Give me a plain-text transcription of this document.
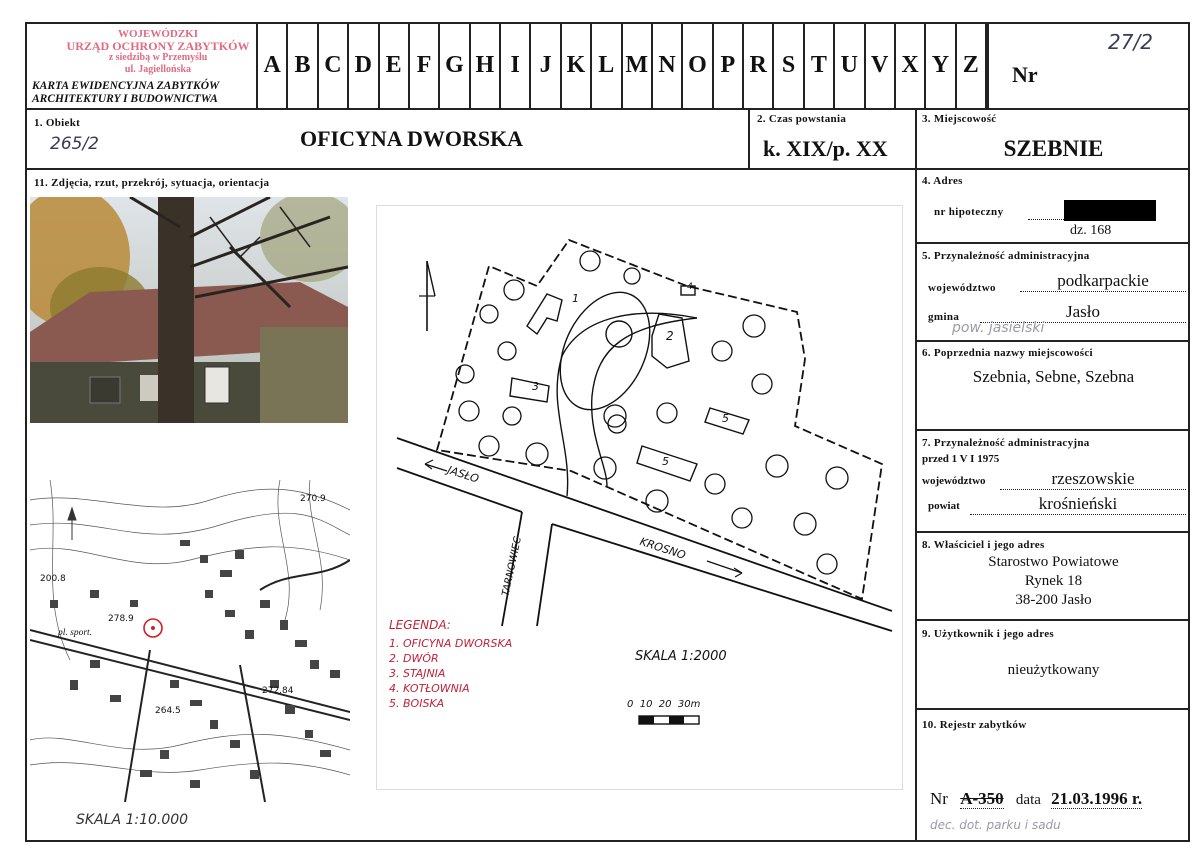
WOJEWÓDZKI
URZĄD OCHRONY ZABYTKÓW
z siedzibą w Przemyślu
ul. Jagiellońska
KARTA EWIDENCYJNA ZABYTKÓW
ARCHITEKTURY I BUDOWNICTWA
A B C D E F G H I J K L M N O P R S T U V X Y Z	Nr
27/2
1. Obiekt
265/2	OFICYNA DWORSKA
2. Czas powstania
k. XIX/p. XX
3. Miejscowość
SZEBNIE
11. Zdjęcia, rzut, przekrój, sytuacja, orientacja
270.9
200.8
278.9
272.84
264.5
pl. sport.
SKALA 1:10.000
1
2
3
4
5
5
JASŁO
KROSNO
TARNOWIEC
LEGENDA:
1. OFICYNA DWORSKA
2. DWÓR
3. STAJNIA
4. KOTŁOWNIA
5. BOISKA
SKALA 1:2000
0  10  20  30m
4. Adres
nr hipoteczny
dz. 168
5. Przynależność administracyjna
województwo	podkarpackie
gmina	Jasło
pow. jasielski
6. Poprzednia nazwy miejscowości
Szebnia, Sebne, Szebna
7. Przynależność administracyjna
przed 1 V I 1975
województwo	rzeszowskie
powiat	krośnieński
8. Właściciel i jego adres
Starostwo Powiatowe
Rynek 18
38-200 Jasło
9. Użytkownik i jego adres
nieużytkowany
10. Rejestr zabytków
Nr A-350 data 21.03.1996 r.
dec. dot. parku i sadu
